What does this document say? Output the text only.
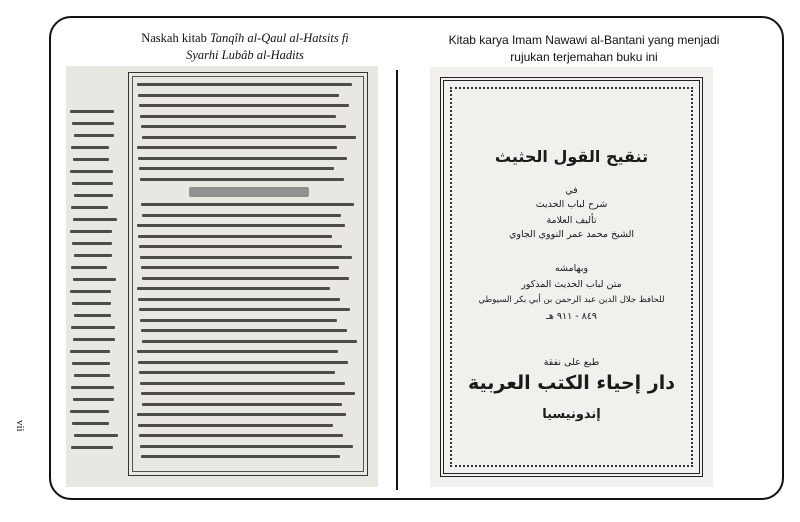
Naskah kitab Tanqîh al-Qaul al-Hatsits fi
Syarhi Lubâb al-Hadits
Kitab karya Imam Nawawi al-Bantani yang menjadi
rujukan terjemahan buku ini
vii
تنقيح القول الحثيث
في
شرح لباب الحديث
تأليف العلامة
الشيخ محمد عمر النووي الجاوي
وبهامشه
متن لباب الحديث المذكور
للحافظ جلال الدين عبد الرحمن بن أبي بكر السيوطي
٨٤٩ - ٩١١ هـ
طبع على نفقة
دار إحياء الكتب العربية
إندونيسيا
